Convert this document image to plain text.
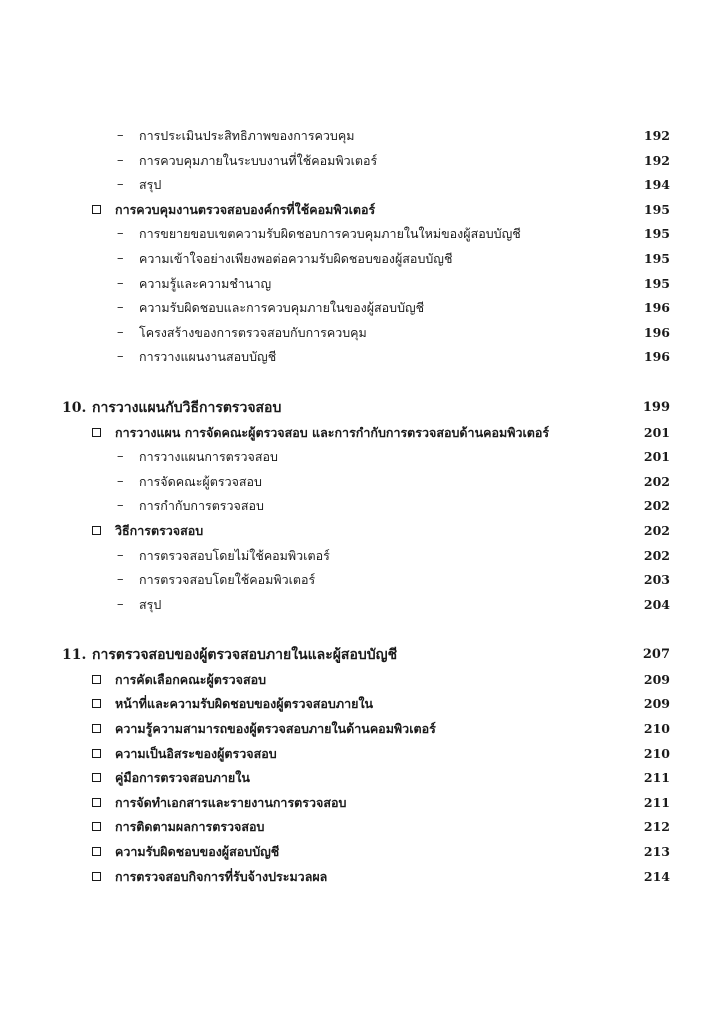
– การประเมินประสิทธิภาพของการควบคุม	192
– การควบคุมภายในระบบงานที่ใช้คอมพิวเตอร์	192
– สรุป	194
การควบคุมงานตรวจสอบองค์กรที่ใช้คอมพิวเตอร์	195
– การขยายขอบเขตความรับผิดชอบการควบคุมภายในใหม่ของผู้สอบบัญชี	195
– ความเข้าใจอย่างเพียงพอต่อความรับผิดชอบของผู้สอบบัญชี	195
– ความรู้และความชำนาญ	195
– ความรับผิดชอบและการควบคุมภายในของผู้สอบบัญชี	196
– โครงสร้างของการตรวจสอบกับการควบคุม	196
– การวางแผนงานสอบบัญชี	196
10. การวางแผนกับวิธีการตรวจสอบ	199
การวางแผน การจัดคณะผู้ตรวจสอบ และการกำกับการตรวจสอบด้านคอมพิวเตอร์	201
– การวางแผนการตรวจสอบ	201
– การจัดคณะผู้ตรวจสอบ	202
– การกำกับการตรวจสอบ	202
วิธีการตรวจสอบ	202
– การตรวจสอบโดยไม่ใช้คอมพิวเตอร์	202
– การตรวจสอบโดยใช้คอมพิวเตอร์	203
– สรุป	204
11. การตรวจสอบของผู้ตรวจสอบภายในและผู้สอบบัญชี	207
การคัดเลือกคณะผู้ตรวจสอบ	209
หน้าที่และความรับผิดชอบของผู้ตรวจสอบภายใน	209
ความรู้ความสามารถของผู้ตรวจสอบภายในด้านคอมพิวเตอร์	210
ความเป็นอิสระของผู้ตรวจสอบ	210
คู่มือการตรวจสอบภายใน	211
การจัดทำเอกสารและรายงานการตรวจสอบ	211
การติดตามผลการตรวจสอบ	212
ความรับผิดชอบของผู้สอบบัญชี	213
การตรวจสอบกิจการที่รับจ้างประมวลผล	214
